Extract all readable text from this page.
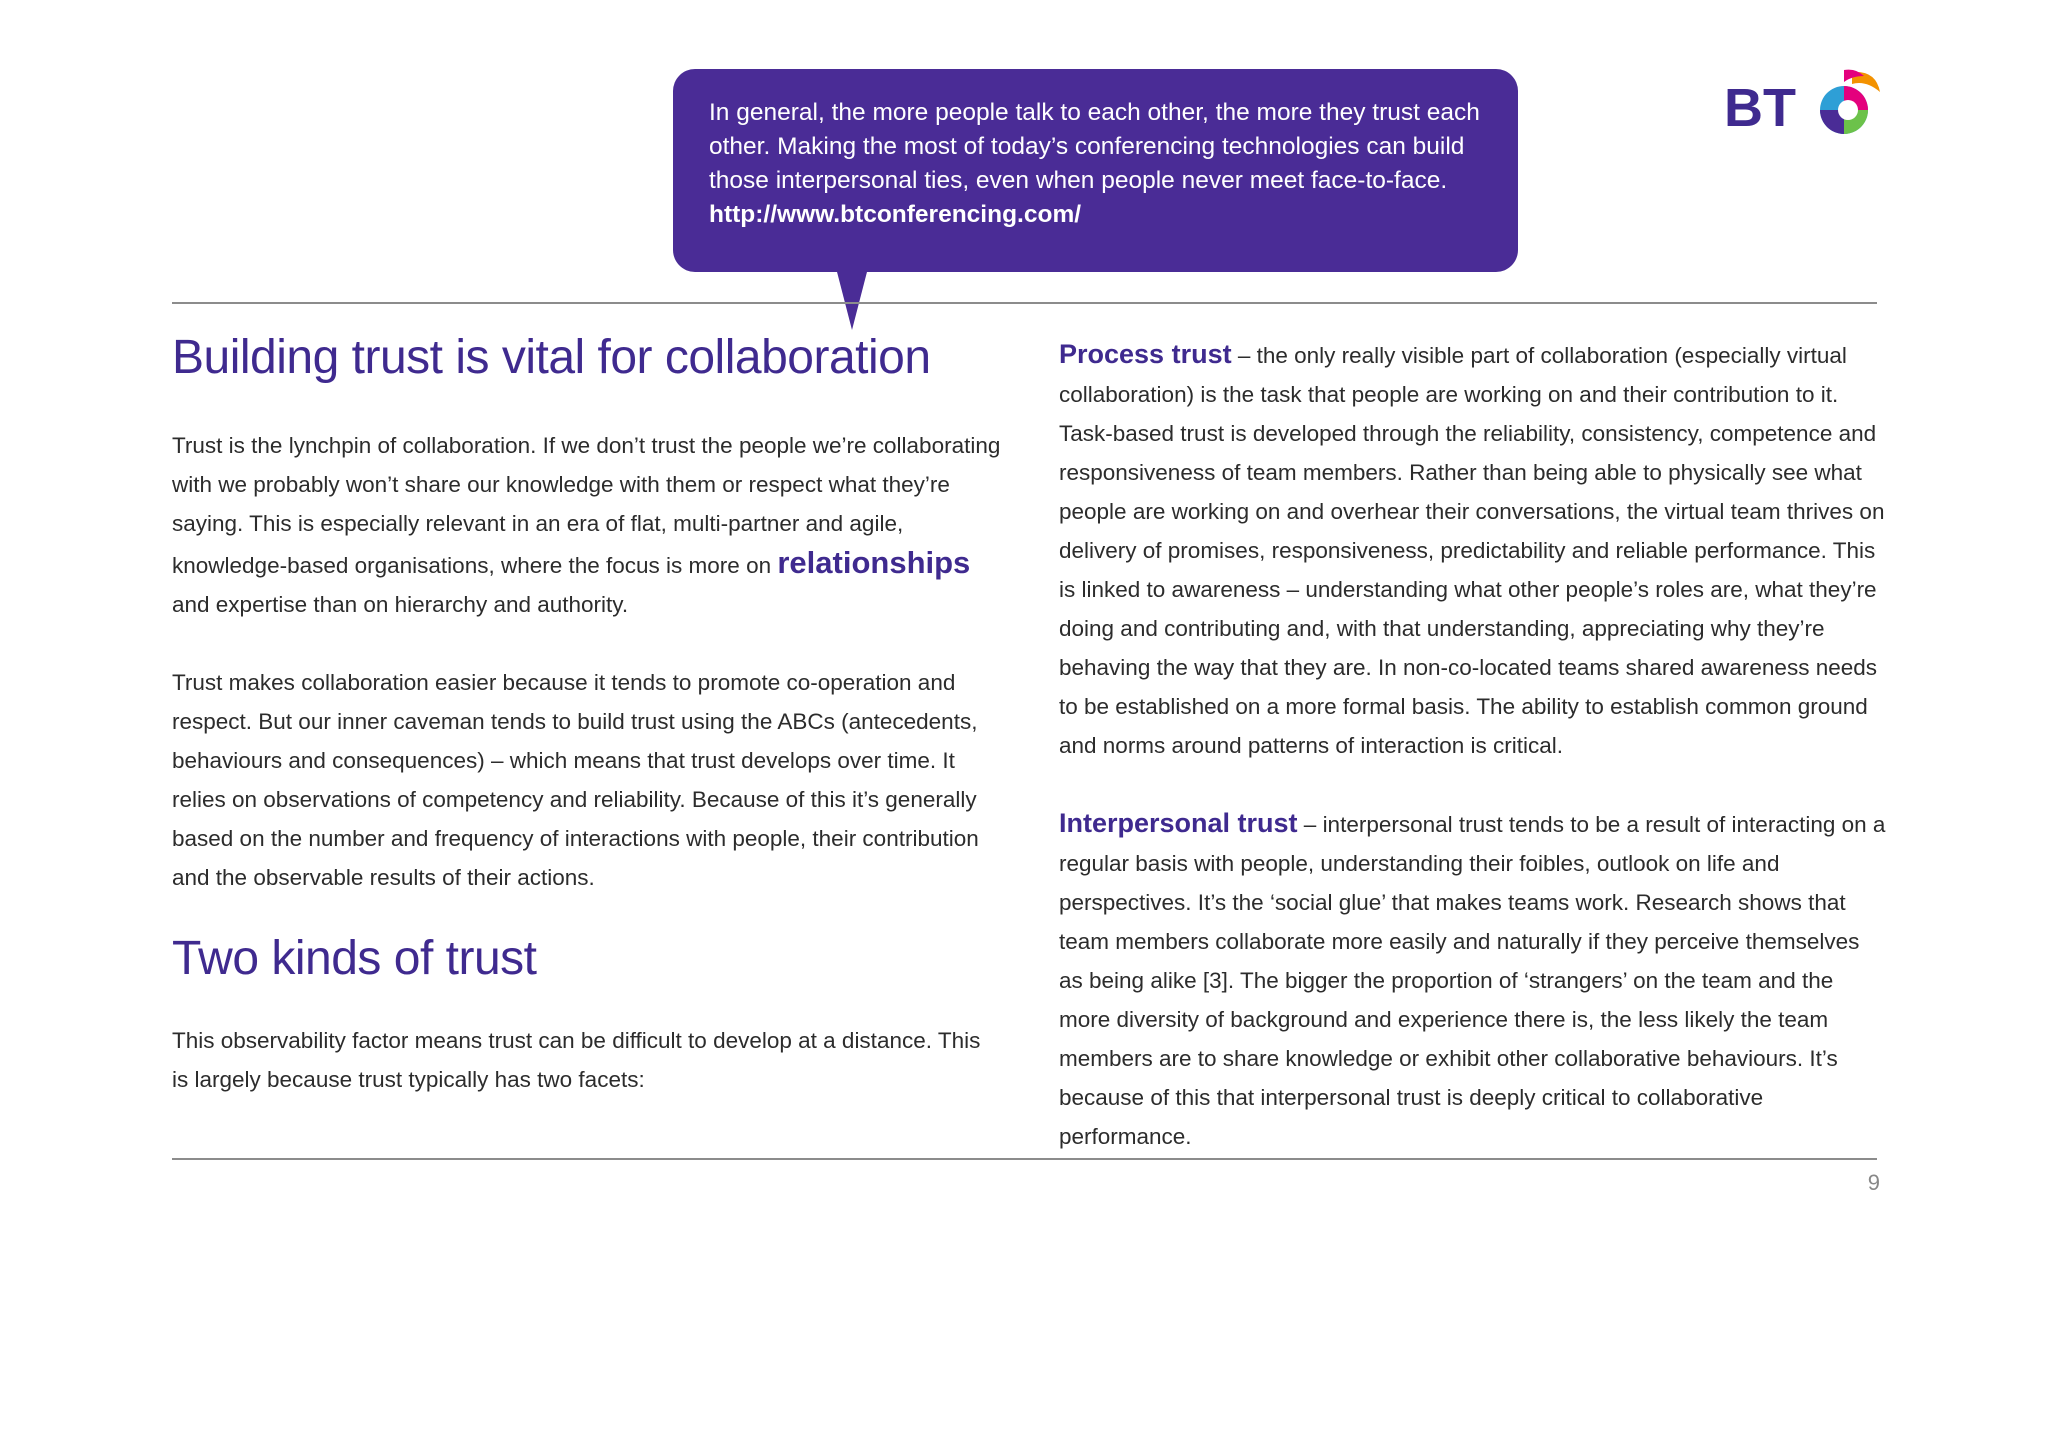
In general, the more people talk to each other, the more they trust each other. Making the most of today’s conferencing technologies can build those interpersonal ties, even when people never meet face-to-face.
http://www.btconferencing.com/
BT
Building trust is vital for collaboration

Trust is the lynchpin of collaboration. If we don’t trust the people we’re collaborating with we probably won’t share our knowledge with them or respect what they’re saying. This is especially relevant in an era of flat, multi-partner and agile, knowledge-based organisations, where the focus is more on relationships and expertise than on hierarchy and authority.

Trust makes collaboration easier because it tends to promote co-operation and respect. But our inner caveman tends to build trust using the ABCs (antecedents, behaviours and consequences) – which means that trust develops over time. It relies on observations of competency and reliability. Because of this it’s generally based on the number and frequency of interactions with people, their contribution and the observable results of their actions.

Two kinds of trust

This observability factor means trust can be difficult to develop at a distance. This is largely because trust typically has two facets:

Process trust – the only really visible part of collaboration (especially virtual collaboration) is the task that people are working on and their contribution to it. Task-based trust is developed through the reliability, consistency, competence and responsiveness of team members. Rather than being able to physically see what people are working on and overhear their conversations, the virtual team thrives on delivery of promises, responsiveness, predictability and reliable performance. This is linked to awareness – understanding what other people’s roles are, what they’re doing and contributing and, with that understanding, appreciating why they’re behaving the way that they are. In non-co-located teams shared awareness needs to be established on a more formal basis. The ability to establish common ground and norms around patterns of interaction is critical.

Interpersonal trust – interpersonal trust tends to be a result of interacting on a regular basis with people, understanding their foibles, outlook on life and perspectives. It’s the ‘social glue’ that makes teams work. Research shows that team members collaborate more easily and naturally if they perceive themselves as being alike [3]. The bigger the proportion of ‘strangers’ on the team and the more diversity of background and experience there is, the less likely the team members are to share knowledge or exhibit other collaborative behaviours. It’s because of this that interpersonal trust is deeply critical to collaborative performance.

9
